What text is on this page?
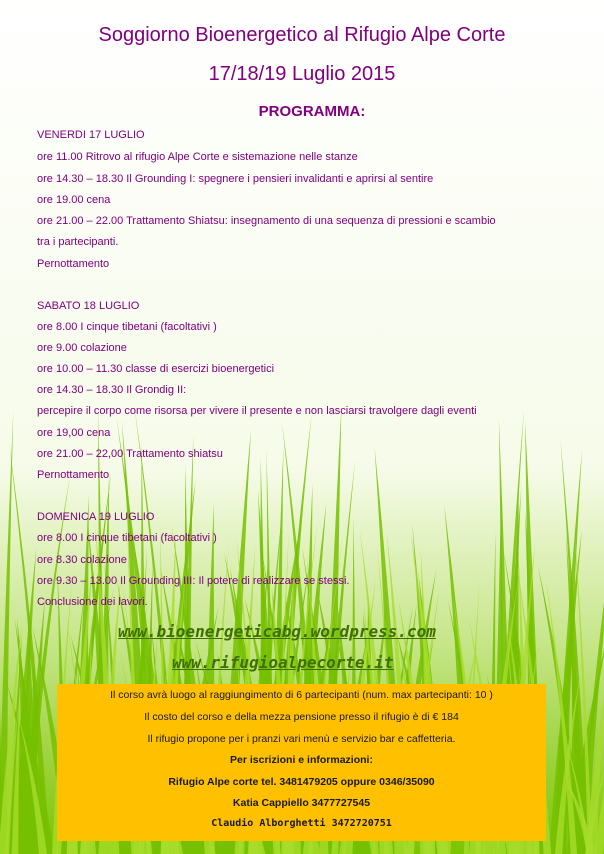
Soggiorno Bioenergetico al Rifugio Alpe Corte
17/18/19 Luglio 2015
PROGRAMMA:
VENERDI 17 LUGLIO
ore 11.00 Ritrovo al rifugio Alpe Corte e sistemazione nelle stanze
ore 14.30 – 18.30 Il Grounding I: spegnere i pensieri invalidanti e aprirsi al sentire
ore 19.00 cena
ore 21.00 – 22.00 Trattamento Shiatsu: insegnamento di una sequenza di pressioni e scambio
tra i partecipanti.
Pernottamento
SABATO 18 LUGLIO
ore 8.00 I cinque tibetani (facoltativi )
ore 9.00 colazione
ore 10.00 – 11.30 classe di esercizi bioenergetici
ore 14.30 – 18.30 Il Grondig II:
percepire il corpo come risorsa per vivere il presente e non lasciarsi travolgere dagli eventi
ore 19,00 cena
ore 21.00 – 22,00 Trattamento shiatsu
Pernottamento
DOMENICA 19 LUGLIO
ore 8.00 I cinque tibetani (facoltativi )
ore 8.30 colazione
ore 9.30 – 13.00 Il Grounding III: Il potere di realizzare se stessi.
Conclusione dei lavori.
www.bioenergeticabg.wordpress.com
www.rifugioalpecorte.it
Il corso avrà luogo al raggiungimento di 6 partecipanti (num. max partecipanti: 10 )
Il costo del corso e della mezza pensione presso il rifugio è di € 184
Il rifugio propone per i pranzi vari menù e servizio bar e caffetteria.
Per iscrizioni e informazioni:
Rifugio Alpe corte tel. 3481479205 oppure 0346/35090
Katia Cappiello 3477727545
Claudio Alborghetti 3472720751
